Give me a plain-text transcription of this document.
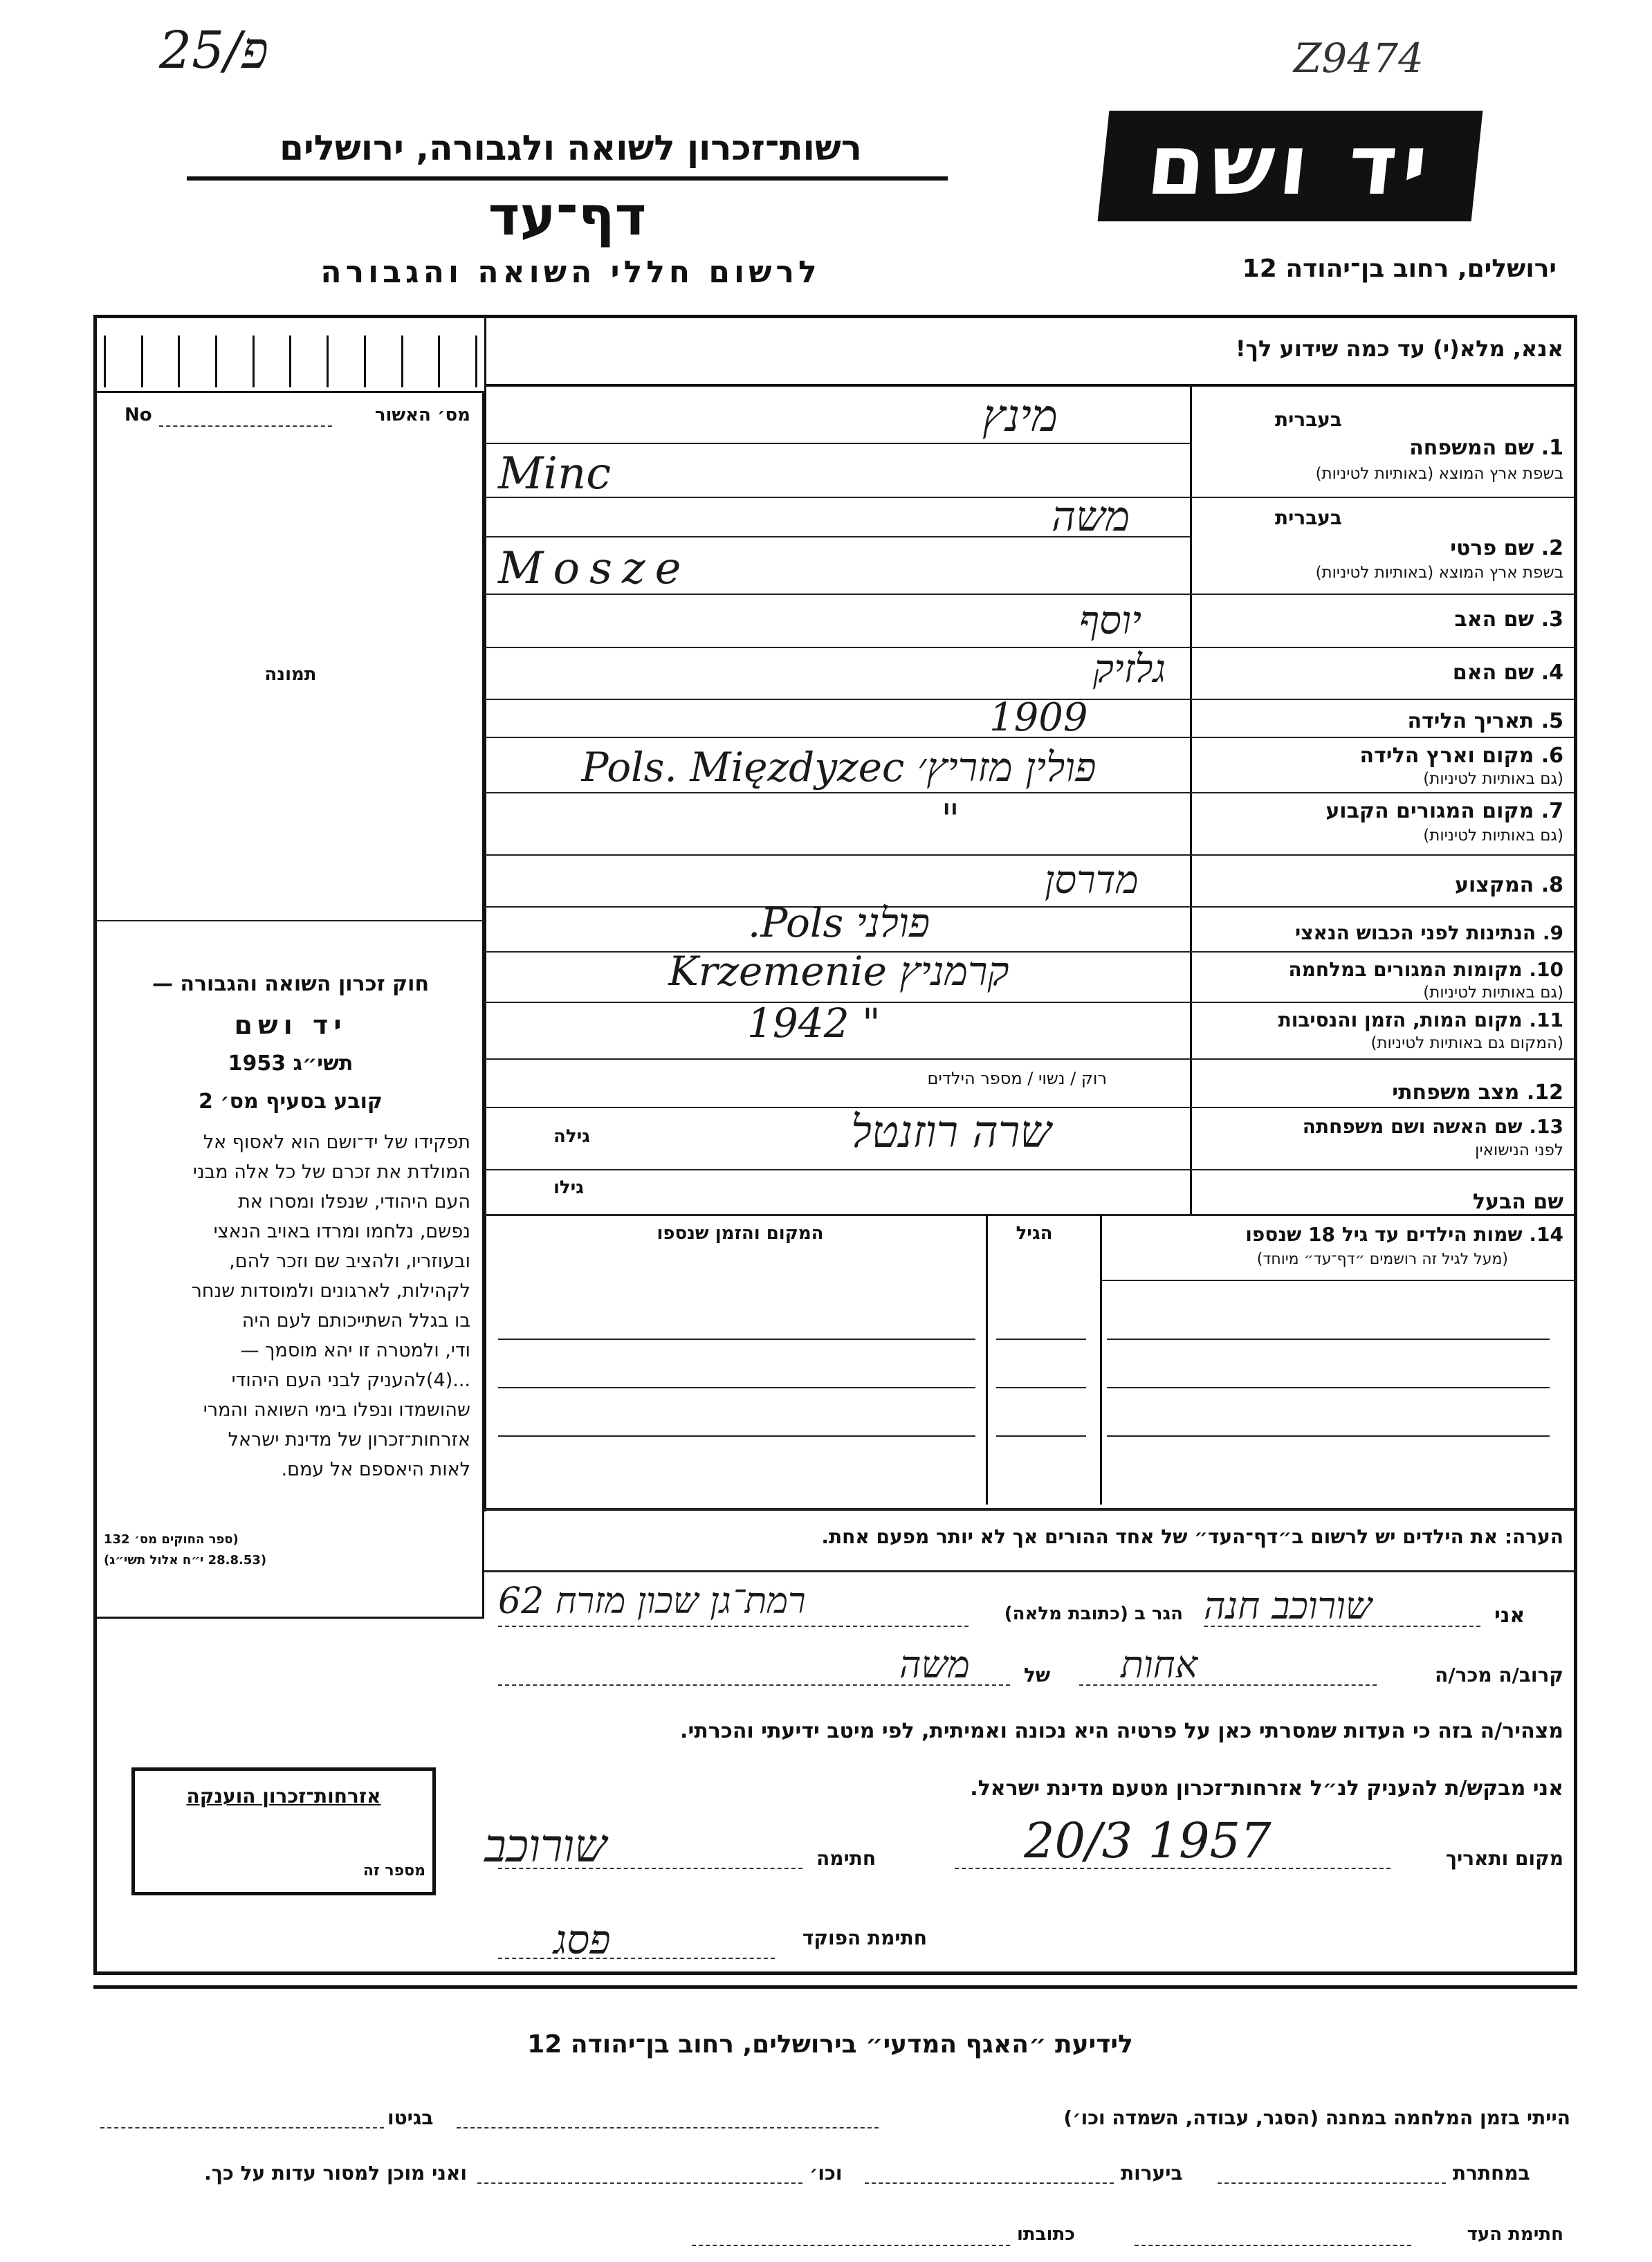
25/פ	Z9474
רשות־זכרון לשואה ולגבורה, ירושלים
דף־עד
לרשום חללי השואה והגבורה
יד ושם
ירושלים, רחוב בן־יהודה 12
מס׳ האשור
No
תמונה
חוק זכרון השואה והגבורה —
יד ושם
תשי״ג 1953
קובע בסעיף מס׳ 2
תפקידו של יד־ושם הוא לאסוף אל
המולדת את זכרם של כל אלה מבני
העם היהודי, שנפלו ומסרו את
נפשם, נלחמו ומרדו באויב הנאצי
ובעוזריו, ולהציב שם וזכר להם,
לקהילות, לארגונים ולמוסדות שנחר
בו בגלל השתייכותם לעם היה
ודי, ולמטרה זו יהא מוסמך —
...(4)להעניק לבני העם היהודי
שהושמדו ונפלו בימי השואה והמרי
אזרחות־זכרון של מדינת ישראל
לאות היאספם אל עמם.
(ספר החוקים מס׳ 132
(28.8.53 י״ח אלול תשי״ג)
אנא, מלא(י) עד כמה שידוע לך!
בעברית
1. שם המשפחה
בשפת ארץ המוצא (באותיות לטיניות)
בעברית
2. שם פרטי
בשפת ארץ המוצא (באותיות לטיניות)
3. שם האב
4. שם האם
5. תאריך הלידה
6. מקום וארץ הלידה
(גם באותיות לטיניות)
7. מקום המגורים הקבוע
(גם באותיות לטיניות)
8. המקצוע
9. הנתינות לפני הכבוש הנאצי
10. מקומות המגורים במלחמה
(גם באותיות לטיניות)
11. מקום המות, הזמן והנסיבות
(המקום גם באותיות לטיניות)
12. מצב משפחתי
13. שם האשה ושם משפחתה
לפני הנישואין
שם הבעל
מינץ
Minc
משה
Mosze
יוסף
גלזיק
1909
פולין מזריץ׳ Pols. Mięzdyzec
"
מדרסן
פולני Pols.
קרמניץ Krzemenie
1942 "
רוק / נשוי / מספר הילדים
שרה רוזנטל
גילה
גילו
14. שמות הילדים עד גיל 18 שנספו
(מעל לגיל זה רושמים ״דף־עד״ מיוחד)
הגיל
המקום והזמן שנספו
הערה: את הילדים יש לרשום ב״דף־העד״ של אחד ההורים אך לא יותר מפעם אחת.
אני
שורוכב חנה
הגר ב (כתובת מלאה)
רמת־גן שכון מזרח 62
קרוב/ה מכר/ה
אחות
של
משה
מצהיר/ה בזה כי העדות שמסרתי כאן על פרטיה היא נכונה ואמיתית, לפי מיטב ידיעתי והכרתי.
אני מבקש/ת להעניק לנ״ל אזרחות־זכרון מטעם מדינת ישראל.
מקום ותאריך
20/3 1957
חתימה
שורוכב
חתימת הפוקד
פסג
אזרחות־זכרון הוענקה
מספר זה
לידיעת ״האגף המדעי״ בירושלים, רחוב בן־יהודה 12
הייתי בזמן המלחמה במחנה (הסגר, עבודה, השמדה וכו׳)
בגיטו
במחתרת
ביערות
וכו׳
ואני מוכן למסור עדות על כך.
חתימת העד
כתובתו
